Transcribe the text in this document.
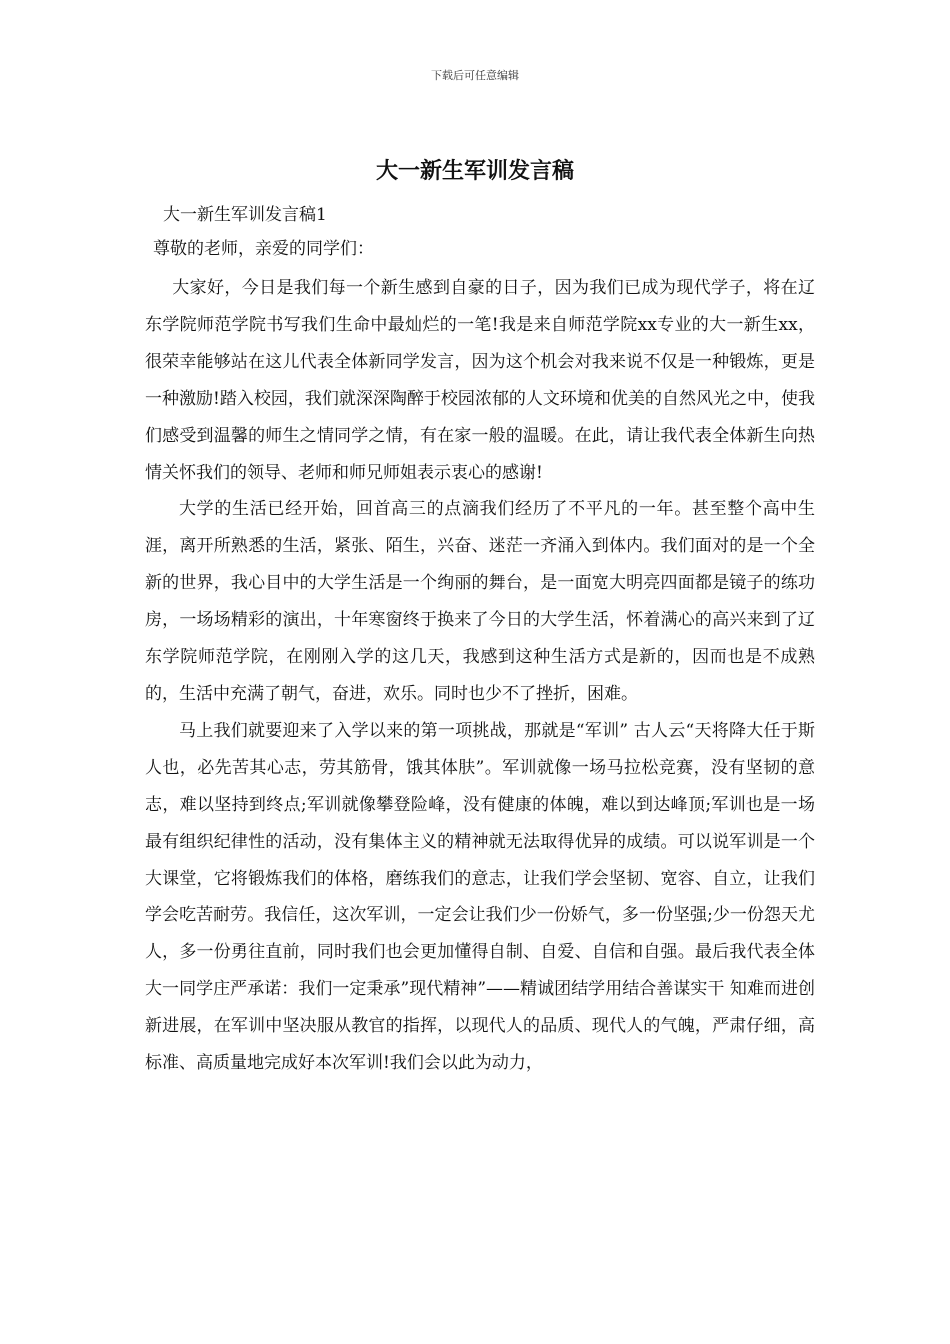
下载后可任意编辑
大一新生军训发言稿
大一新生军训发言稿1
尊敬的老师，亲爱的同学们：

大家好，今日是我们每一个新生感到自豪的日子，因为我们已成为现代学子，将在辽东学院师范学院书写我们生命中最灿烂的一笔!我是来自师范学院xx专业的大一新生xx，很荣幸能够站在这儿代表全体新同学发言，因为这个机会对我来说不仅是一种锻炼，更是一种激励!踏入校园，我们就深深陶醉于校园浓郁的人文环境和优美的自然风光之中，使我们感受到温馨的师生之情同学之情，有在家一般的温暖。在此，请让我代表全体新生向热情关怀我们的领导、老师和师兄师姐表示衷心的感谢!

大学的生活已经开始，回首高三的点滴我们经历了不平凡的一年。甚至整个高中生涯，离开所熟悉的生活，紧张、陌生，兴奋、迷茫一齐涌入到体内。我们面对的是一个全新的世界，我心目中的大学生活是一个绚丽的舞台，是一面宽大明亮四面都是镜子的练功房，一场场精彩的演出，十年寒窗终于换来了今日的大学生活，怀着满心的高兴来到了辽东学院师范学院，在刚刚入学的这几天，我感到这种生活方式是新的，因而也是不成熟的，生活中充满了朝气，奋进，欢乐。同时也少不了挫折，困难。

马上我们就要迎来了入学以来的第一项挑战，那就是“军训” 古人云“天将降大任于斯人也，必先苦其心志，劳其筋骨，饿其体肤”。军训就像一场马拉松竞赛，没有坚韧的意志，难以坚持到终点;军训就像攀登险峰，没有健康的体魄，难以到达峰顶;军训也是一场最有组织纪律性的活动，没有集体主义的精神就无法取得优异的成绩。可以说军训是一个大课堂，它将锻炼我们的体格，磨练我们的意志，让我们学会坚韧、宽容、自立，让我们学会吃苦耐劳。我信任，这次军训，一定会让我们少一份娇气，多一份坚强;少一份怨天尤人，多一份勇往直前，同时我们也会更加懂得自制、自爱、自信和自强。最后我代表全体大一同学庄严承诺：我们一定秉承”现代精神”——精诚团结学用结合善谋实干 知难而进创新进展，在军训中坚决服从教官的指挥，以现代人的品质、现代人的气魄，严肃仔细，高标准、高质量地完成好本次军训!我们会以此为动力，
